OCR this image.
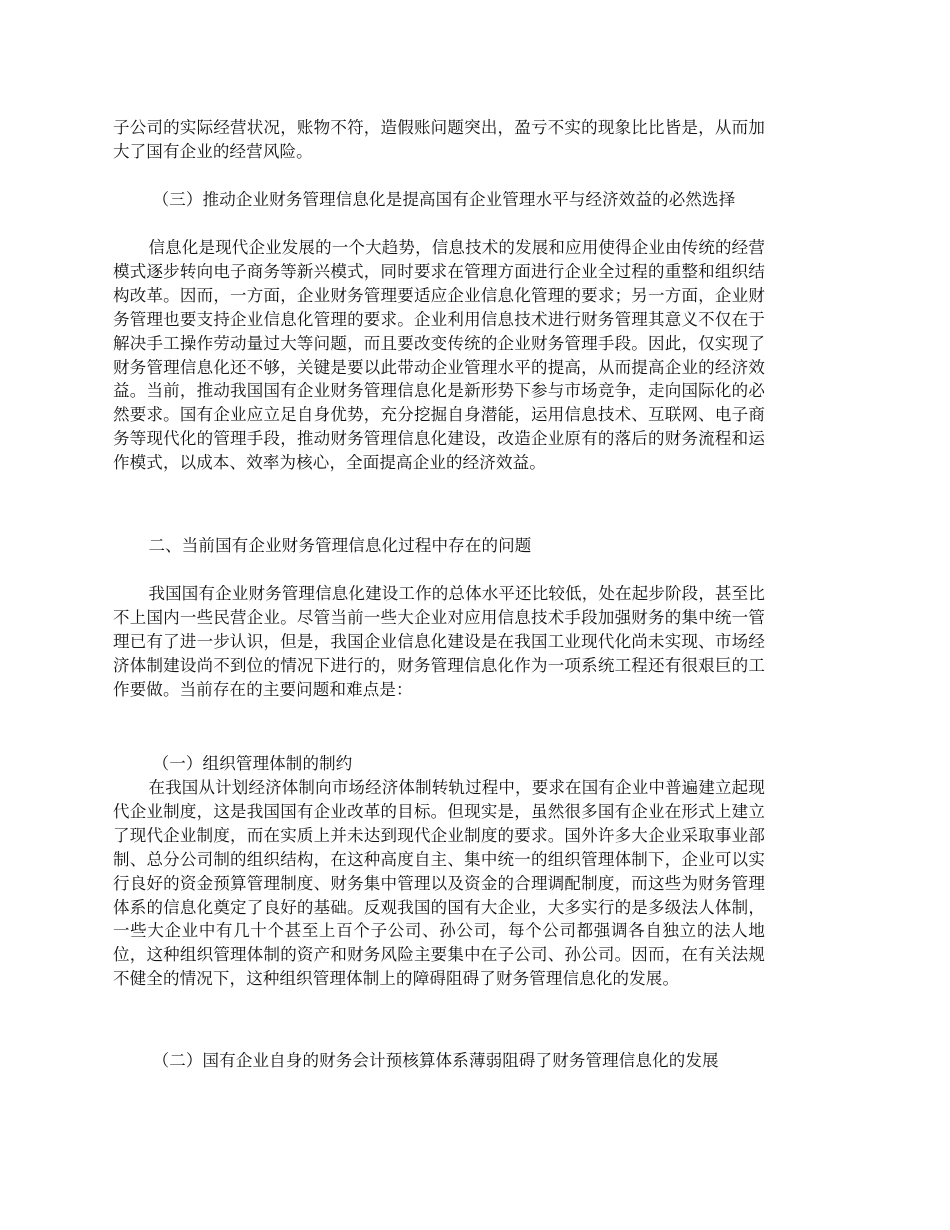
子公司的实际经营状况，账物不符，造假账问题突出，盈亏不实的现象比比皆是，从而加大了国有企业的经营风险。

（三）推动企业财务管理信息化是提高国有企业管理水平与经济效益的必然选择

信息化是现代企业发展的一个大趋势，信息技术的发展和应用使得企业由传统的经营模式逐步转向电子商务等新兴模式，同时要求在管理方面进行企业全过程的重整和组织结构改革。因而，一方面，企业财务管理要适应企业信息化管理的要求；另一方面，企业财务管理也要支持企业信息化管理的要求。企业利用信息技术进行财务管理其意义不仅在于解决手工操作劳动量过大等问题，而且要改变传统的企业财务管理手段。因此，仅实现了财务管理信息化还不够，关键是要以此带动企业管理水平的提高，从而提高企业的经济效益。当前，推动我国国有企业财务管理信息化是新形势下参与市场竞争，走向国际化的必然要求。国有企业应立足自身优势，充分挖掘自身潜能，运用信息技术、互联网、电子商务等现代化的管理手段，推动财务管理信息化建设，改造企业原有的落后的财务流程和运作模式，以成本、效率为核心，全面提高企业的经济效益。

二、当前国有企业财务管理信息化过程中存在的问题

我国国有企业财务管理信息化建设工作的总体水平还比较低，处在起步阶段，甚至比不上国内一些民营企业。尽管当前一些大企业对应用信息技术手段加强财务的集中统一管理已有了进一步认识，但是，我国企业信息化建设是在我国工业现代化尚未实现、市场经济体制建设尚不到位的情况下进行的，财务管理信息化作为一项系统工程还有很艰巨的工作要做。当前存在的主要问题和难点是：

（一）组织管理体制的制约

在我国从计划经济体制向市场经济体制转轨过程中，要求在国有企业中普遍建立起现代企业制度，这是我国国有企业改革的目标。但现实是，虽然很多国有企业在形式上建立了现代企业制度，而在实质上并未达到现代企业制度的要求。国外许多大企业采取事业部制、总分公司制的组织结构，在这种高度自主、集中统一的组织管理体制下，企业可以实行良好的资金预算管理制度、财务集中管理以及资金的合理调配制度，而这些为财务管理体系的信息化奠定了良好的基础。反观我国的国有大企业，大多实行的是多级法人体制，一些大企业中有几十个甚至上百个子公司、孙公司，每个公司都强调各自独立的法人地位，这种组织管理体制的资产和财务风险主要集中在子公司、孙公司。因而，在有关法规不健全的情况下，这种组织管理体制上的障碍阻碍了财务管理信息化的发展。

（二）国有企业自身的财务会计预核算体系薄弱阻碍了财务管理信息化的发展
